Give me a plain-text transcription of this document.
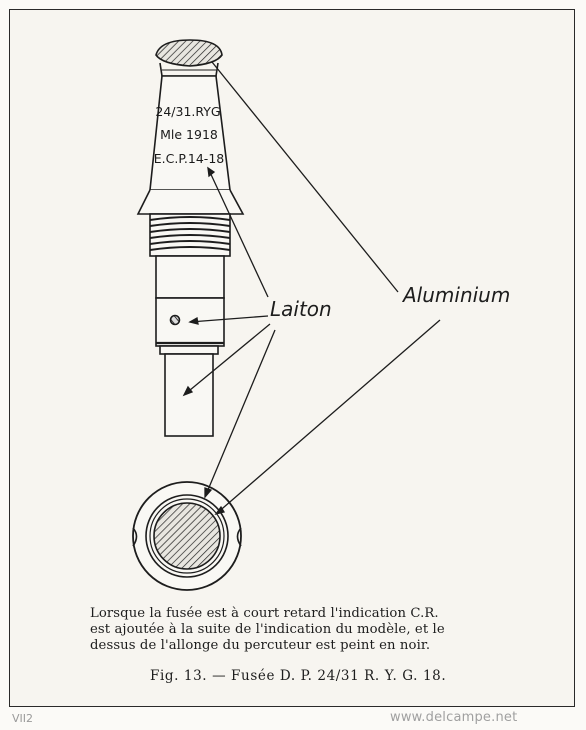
24/31.RYG
Mle 1918
E.C.P.14-18
Laiton
Aluminium
Lorsque la fusée est à court retard l'indication C.R.
est ajoutée à la suite de l'indication du modèle, et le
dessus de l'allonge du percuteur est peint en noir.
Fig. 13. — Fusée D. P. 24/31 R. Y. G. 18.
VII2	www.delcampe.net
